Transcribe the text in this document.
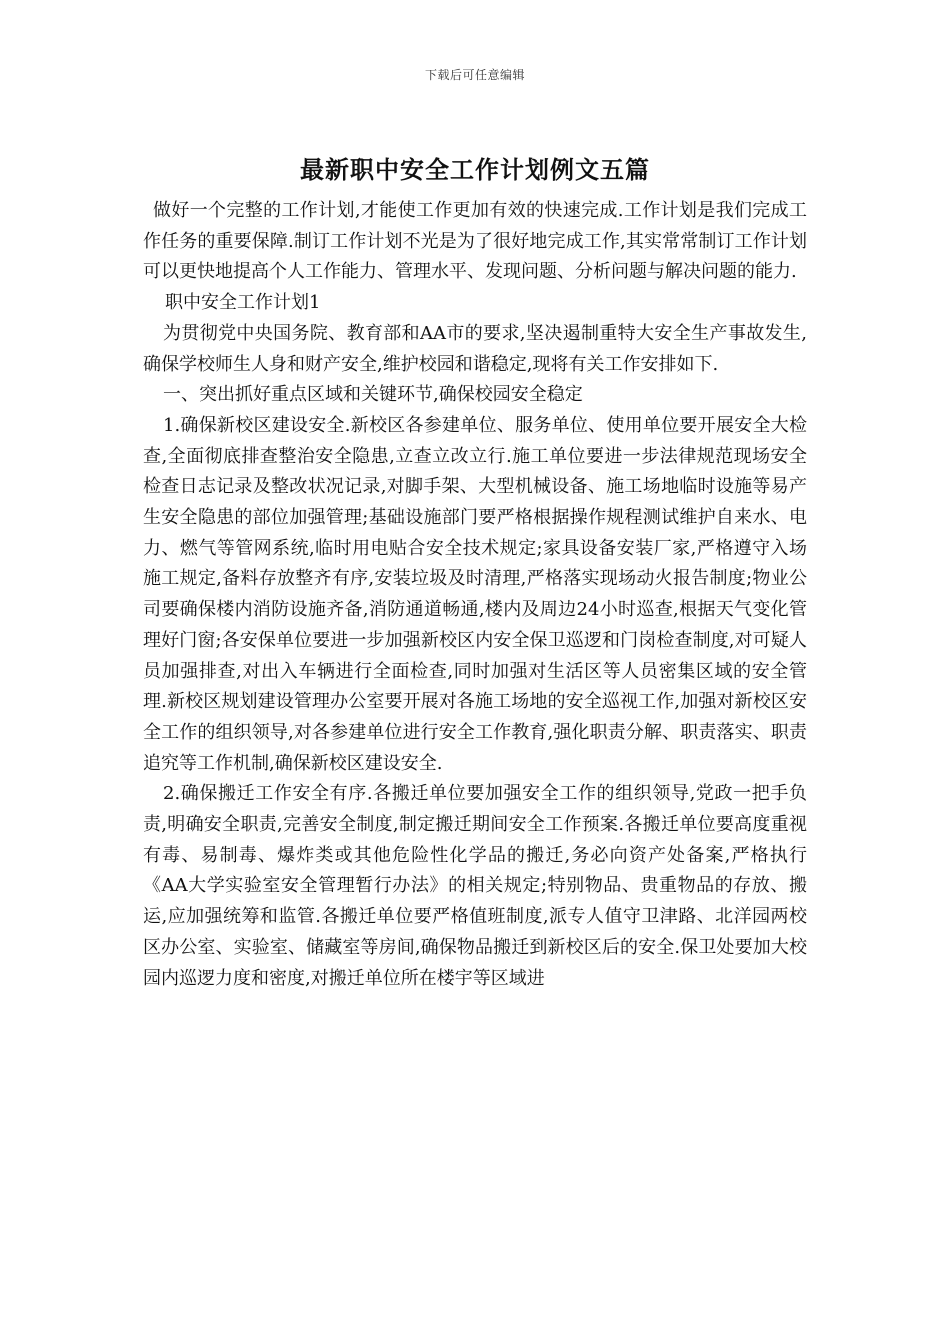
下载后可任意编辑
最新职中安全工作计划例文五篇

做好一个完整的工作计划,才能使工作更加有效的快速完成.工作计划是我们完成工作任务的重要保障.制订工作计划不光是为了很好地完成工作,其实常常制订工作计划可以更快地提高个人工作能力、管理水平、发现问题、分析问题与解决问题的能力.

职中安全工作计划1

为贯彻党中央国务院、教育部和AA市的要求,坚决遏制重特大安全生产事故发生,确保学校师生人身和财产安全,维护校园和谐稳定,现将有关工作安排如下.

一、突出抓好重点区域和关键环节,确保校园安全稳定

1.确保新校区建设安全.新校区各参建单位、服务单位、使用单位要开展安全大检查,全面彻底排查整治安全隐患,立查立改立行.施工单位要进一步法律规范现场安全检查日志记录及整改状况记录,对脚手架、大型机械设备、施工场地临时设施等易产生安全隐患的部位加强管理;基础设施部门要严格根据操作规程测试维护自来水、电力、燃气等管网系统,临时用电贴合安全技术规定;家具设备安装厂家,严格遵守入场施工规定,备料存放整齐有序,安装垃圾及时清理,严格落实现场动火报告制度;物业公司要确保楼内消防设施齐备,消防通道畅通,楼内及周边24小时巡查,根据天气变化管理好门窗;各安保单位要进一步加强新校区内安全保卫巡逻和门岗检查制度,对可疑人员加强排查,对出入车辆进行全面检查,同时加强对生活区等人员密集区域的安全管理.新校区规划建设管理办公室要开展对各施工场地的安全巡视工作,加强对新校区安全工作的组织领导,对各参建单位进行安全工作教育,强化职责分解、职责落实、职责追究等工作机制,确保新校区建设安全.

2.确保搬迁工作安全有序.各搬迁单位要加强安全工作的组织领导,党政一把手负责,明确安全职责,完善安全制度,制定搬迁期间安全工作预案.各搬迁单位要高度重视有毒、易制毒、爆炸类或其他危险性化学品的搬迁,务必向资产处备案,严格执行《AA大学实验室安全管理暂行办法》的相关规定;特别物品、贵重物品的存放、搬运,应加强统筹和监管.各搬迁单位要严格值班制度,派专人值守卫津路、北洋园两校区办公室、实验室、储藏室等房间,确保物品搬迁到新校区后的安全.保卫处要加大校园内巡逻力度和密度,对搬迁单位所在楼宇等区域进
